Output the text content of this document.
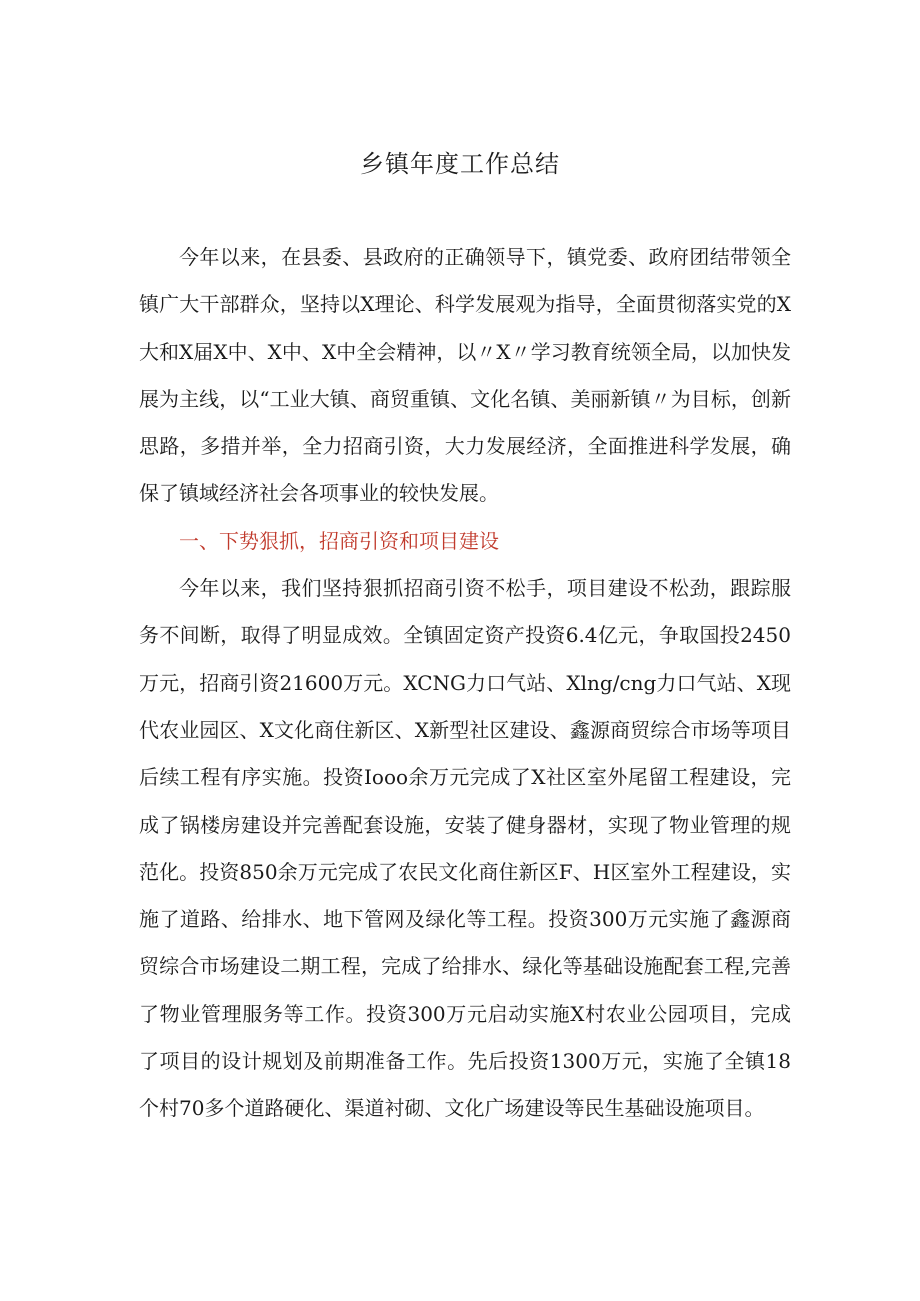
乡镇年度工作总结

今年以来，在县委、县政府的正确领导下，镇党委、政府团结带领全镇广大干部群众，坚持以X理论、科学发展观为指导，全面贯彻落实党的X大和X届X中、X中、X中全会精神，以〃X〃学习教育统领全局，以加快发展为主线，以“工业大镇、商贸重镇、文化名镇、美丽新镇〃为目标，创新思路，多措并举，全力招商引资，大力发展经济，全面推进科学发展，确保了镇域经济社会各项事业的较快发展。

一、下势狠抓，招商引资和项目建设

今年以来，我们坚持狠抓招商引资不松手，项目建设不松劲，跟踪服务不间断，取得了明显成效。全镇固定资产投资6.4亿元，争取国投2450万元，招商引资21600万元。XCNG力口气站、Xlng∕cng力口气站、X现代农业园区、X文化商住新区、X新型社区建设、鑫源商贸综合市场等项目后续工程有序实施。投资Iooo余万元完成了X社区室外尾留工程建设，完成了锅楼房建设并完善配套设施，安装了健身器材，实现了物业管理的规范化。投资850余万元完成了农民文化商住新区F、H区室外工程建设，实施了道路、给排水、地下管网及绿化等工程。投资300万元实施了鑫源商贸综合市场建设二期工程，完成了给排水、绿化等基础设施配套工程,完善了物业管理服务等工作。投资300万元启动实施X村农业公园项目，完成了项目的设计规划及前期准备工作。先后投资1300万元，实施了全镇18个村70多个道路硬化、渠道衬砌、文化广场建设等民生基础设施项目。
